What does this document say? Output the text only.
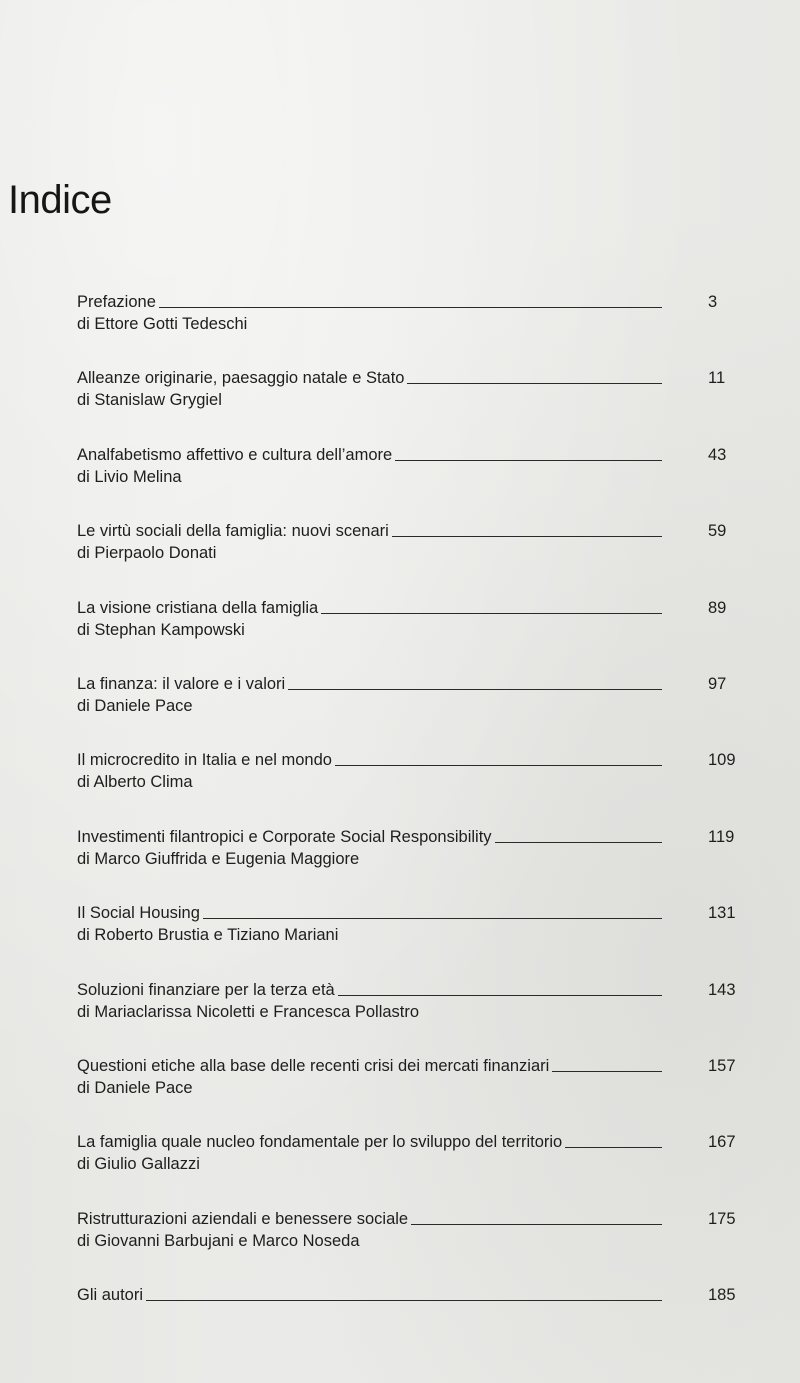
Indice
Prefazione	3
di Ettore Gotti Tedeschi
Alleanze originarie, paesaggio natale e Stato	11
di Stanislaw Grygiel
Analfabetismo affettivo e cultura dell’amore	43
di Livio Melina
Le virtù sociali della famiglia: nuovi scenari	59
di Pierpaolo Donati
La visione cristiana della famiglia	89
di Stephan Kampowski
La finanza: il valore e i valori	97
di Daniele Pace
Il microcredito in Italia e nel mondo	109
di Alberto Clima
Investimenti filantropici e Corporate Social Responsibility	119
di Marco Giuffrida e Eugenia Maggiore
Il Social Housing	131
di Roberto Brustia e Tiziano Mariani
Soluzioni finanziare per la terza età	143
di Mariaclarissa Nicoletti e Francesca Pollastro
Questioni etiche alla base delle recenti crisi dei mercati finanziari	157
di Daniele Pace
La famiglia quale nucleo fondamentale per lo sviluppo del territorio	167
di Giulio Gallazzi
Ristrutturazioni aziendali e benessere sociale	175
di Giovanni Barbujani e Marco Noseda
Gli autori	185
